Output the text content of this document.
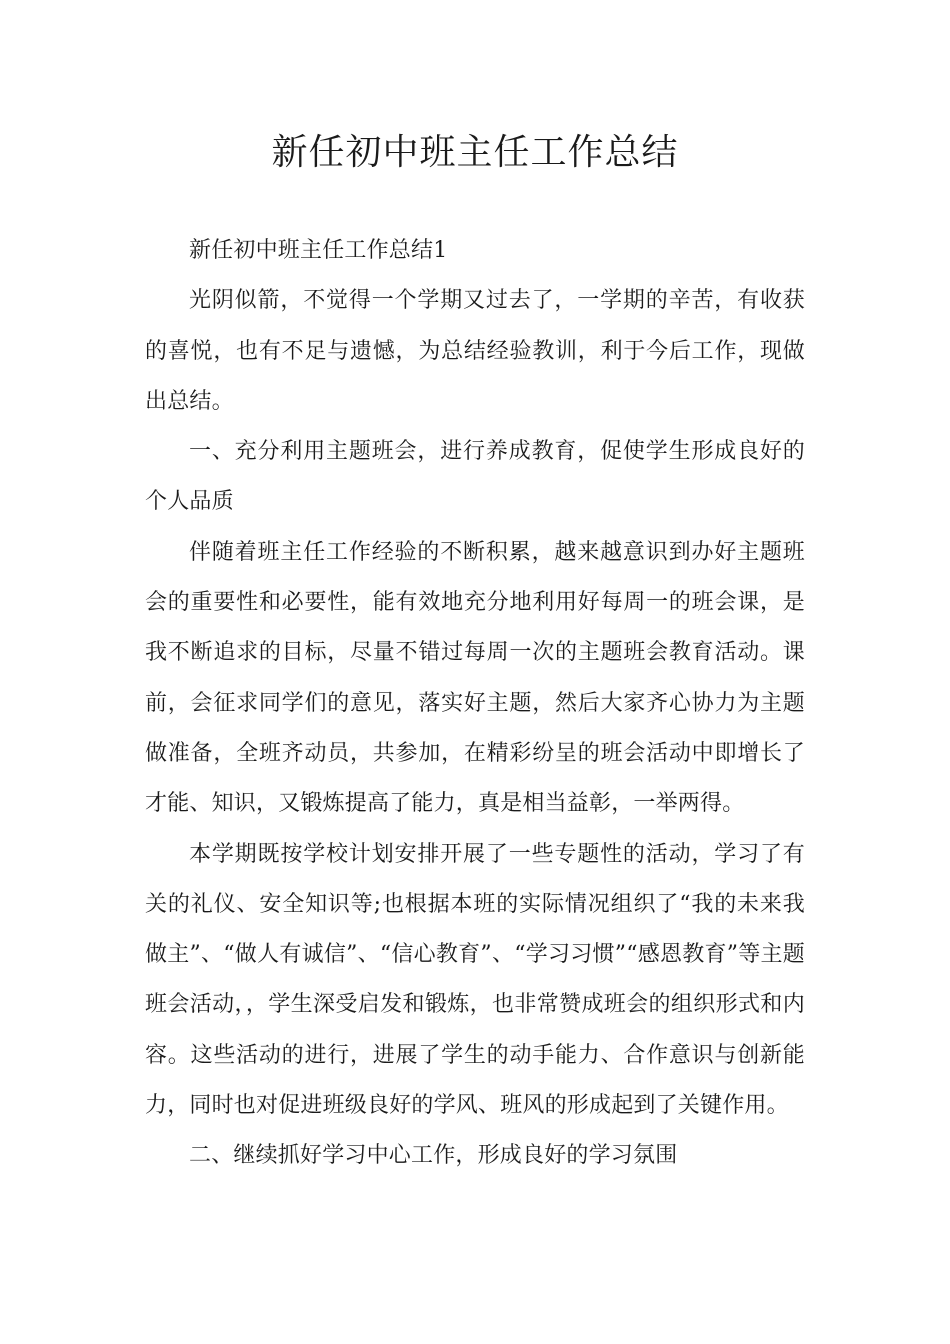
新任初中班主任工作总结

新任初中班主任工作总结1

光阴似箭，不觉得一个学期又过去了，一学期的辛苦，有收获的喜悦，也有不足与遗憾，为总结经验教训，利于今后工作，现做出总结。

一、充分利用主题班会，进行养成教育，促使学生形成良好的个人品质

伴随着班主任工作经验的不断积累，越来越意识到办好主题班会的重要性和必要性，能有效地充分地利用好每周一的班会课，是我不断追求的目标，尽量不错过每周一次的主题班会教育活动。课前，会征求同学们的意见，落实好主题，然后大家齐心协力为主题做准备，全班齐动员，共参加，在精彩纷呈的班会活动中即增长了才能、知识，又锻炼提高了能力，真是相当益彰，一举两得。

本学期既按学校计划安排开展了一些专题性的活动，学习了有关的礼仪、安全知识等;也根据本班的实际情况组织了“我的未来我做主”、“做人有诚信”、“信心教育”、“学习习惯”“感恩教育”等主题班会活动，，学生深受启发和锻炼，也非常赞成班会的组织形式和内容。这些活动的进行，进展了学生的动手能力、合作意识与创新能力，同时也对促进班级良好的学风、班风的形成起到了关键作用。

二、继续抓好学习中心工作，形成良好的学习氛围
